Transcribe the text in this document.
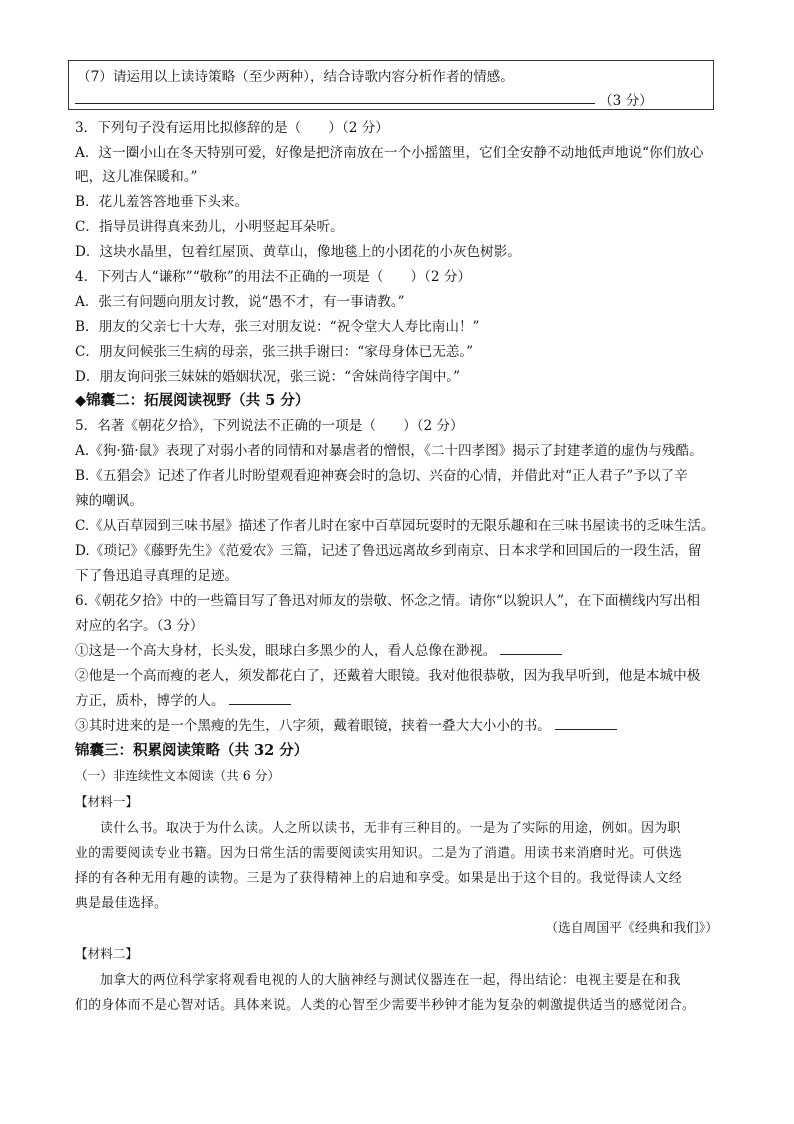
（7）请运用以上读诗策略（至少两种），结合诗歌内容分析作者的情感。
（3 分）
3．下列句子没有运用比拟修辞的是（　　）（2 分）
A．这一圈小山在冬天特别可爱，好像是把济南放在一个小摇篮里，它们全安静不动地低声地说“你们放心
吧，这儿准保暖和。”
B．花儿羞答答地垂下头来。
C．指导员讲得真来劲儿，小明竖起耳朵听。
D．这块水晶里，包着红屋顶、黄草山，像地毯上的小团花的小灰色树影。
4．下列古人“谦称”“敬称”的用法不正确的一项是（　　）（2 分）
A．张三有问题向朋友讨教，说“愚不才，有一事请教。”
B．朋友的父亲七十大寿，张三对朋友说：“祝令堂大人寿比南山！”
C．朋友问候张三生病的母亲，张三拱手谢曰：“家母身体已无恙。”
D．朋友询问张三妹妹的婚姻状况，张三说：“舍妹尚待字闺中。”
◆锦囊二：拓展阅读视野（共 5 分）
5．名著《朝花夕拾》，下列说法不正确的一项是（　　）（2 分）
A.《狗·猫·鼠》表现了对弱小者的同情和对暴虐者的憎恨，《二十四孝图》揭示了封建孝道的虚伪与残酷。
B.《五猖会》记述了作者儿时盼望观看迎神赛会时的急切、兴奋的心情，并借此对“正人君子”予以了辛
辣的嘲讽。
C.《从百草园到三味书屋》描述了作者儿时在家中百草园玩耍时的无限乐趣和在三味书屋读书的乏味生活。
D.《琐记》《藤野先生》《范爱农》三篇，记述了鲁迅远离故乡到南京、日本求学和回国后的一段生活，留
下了鲁迅追寻真理的足迹。
6.《朝花夕拾》中的一些篇目写了鲁迅对师友的崇敬、怀念之情。请你“以貌识人”，在下面横线内写出相
对应的名字。（3 分）
①这是一个高大身材，长头发，眼球白多黑少的人，看人总像在渺视。
②他是一个高而瘦的老人，须发都花白了，还戴着大眼镜。我对他很恭敬，因为我早听到，他是本城中极
方正，质朴，博学的人。
③其时进来的是一个黑瘦的先生，八字须，戴着眼镜，挟着一叠大大小小的书。
锦囊三：积累阅读策略（共 32 分）
（一）非连续性文本阅读（共 6 分）
【材料一】
读什么书。取决于为什么读。人之所以读书，无非有三种目的。一是为了实际的用途，例如。因为职
业的需要阅读专业书籍。因为日常生活的需要阅读实用知识。二是为了消遣。用读书来消磨时光。可供选
择的有各种无用有趣的读物。三是为了获得精神上的启迪和享受。如果是出于这个目的。我觉得读人文经
典是最佳选择。
（选自周国平《经典和我们》）
【材料二】
加拿大的两位科学家将观看电视的人的大脑神经与测试仪器连在一起，得出结论：电视主要是在和我
们的身体而不是心智对话。具体来说。人类的心智至少需要半秒钟才能为复杂的刺激提供适当的感觉闭合。
